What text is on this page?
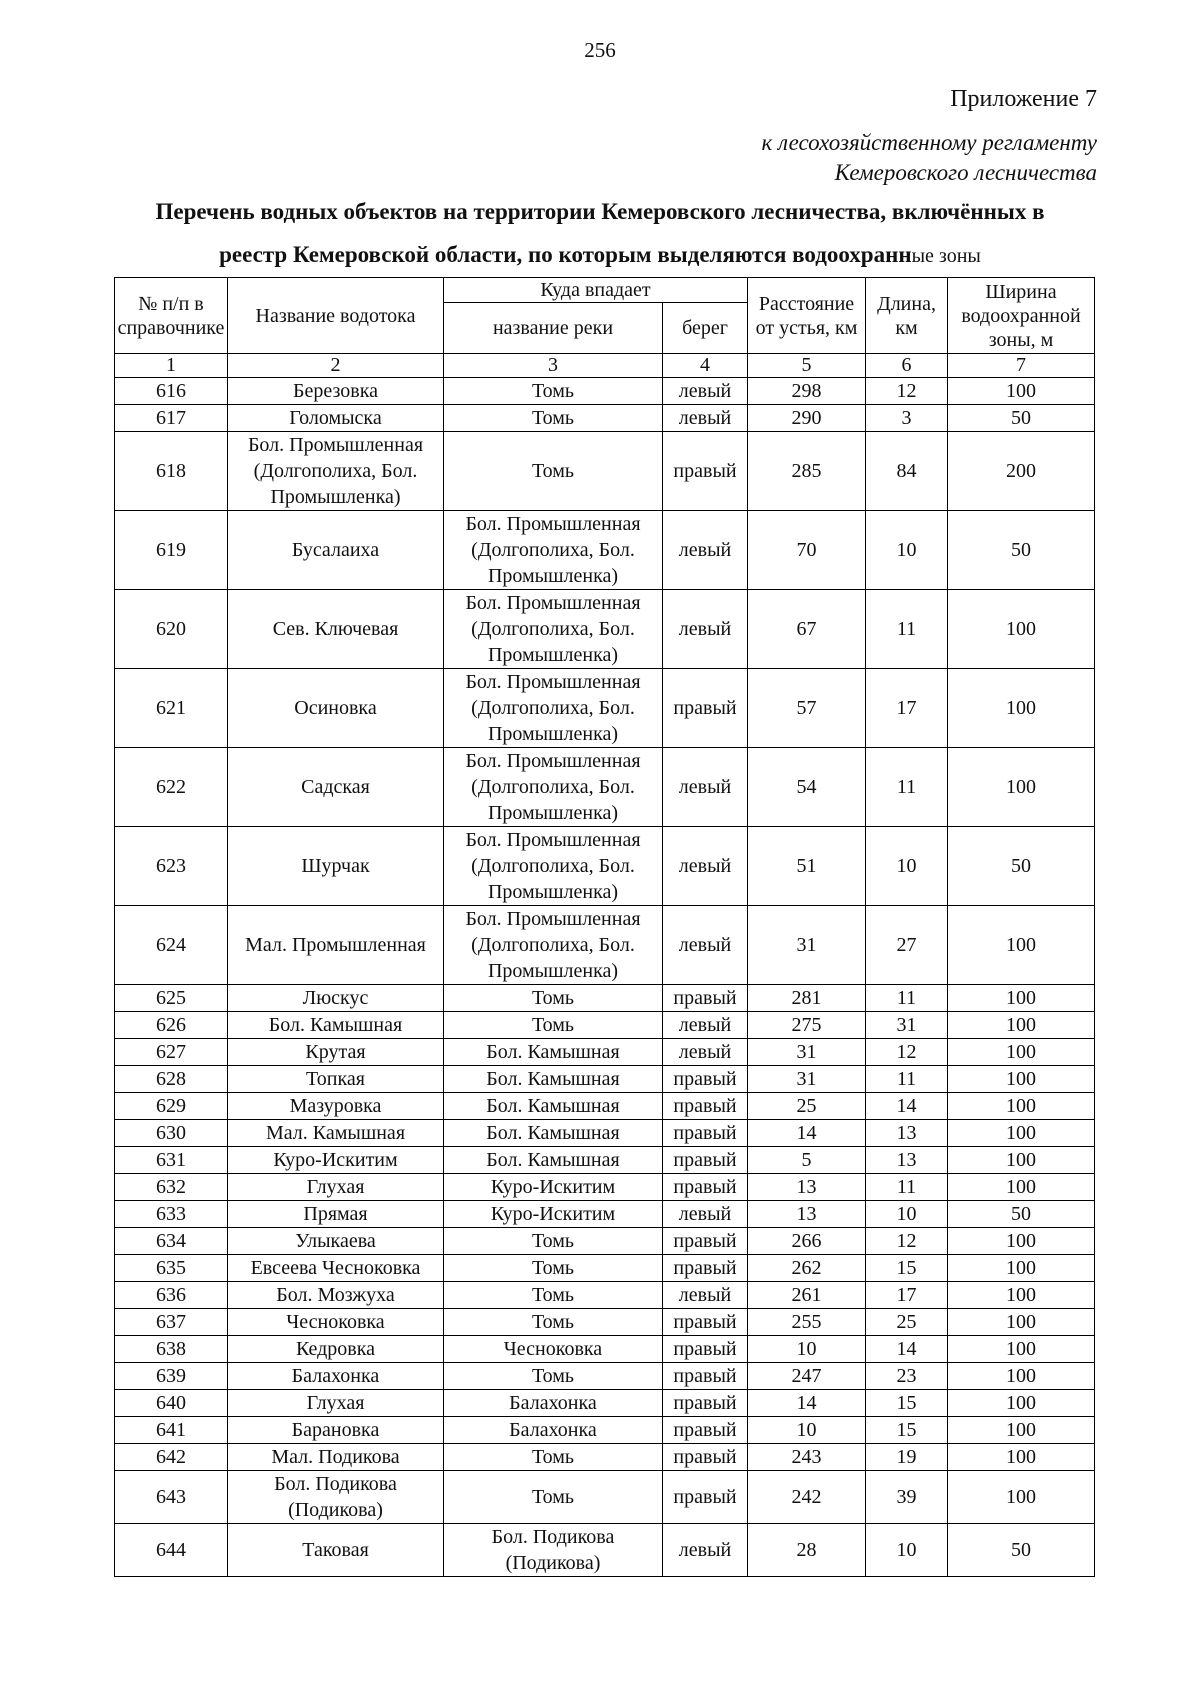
256
Приложение 7
к лесохозяйственному регламенту
Кемеровского лесничества
Перечень водных объектов на территории Кемеровского лесничества, включённых в
реестр Кемеровской области, по которым выделяются водоохранные зоны
№ п/п в справочнике	Название водотока	Куда впадает		Расстояние от устья, км	Длина, км	Ширина водоохранной зоны, м
		название реки	берег			
1	2	3	4	5	6	7
616	Березовка	Томь	левый	298	12	100
617	Голомыска	Томь	левый	290	3	50
618	Бол. Промышленная (Долгополиха, Бол. Промышленка)	Томь	правый	285	84	200
619	Бусалаиха	Бол. Промышленная (Долгополиха, Бол. Промышленка)	левый	70	10	50
620	Сев. Ключевая	Бол. Промышленная (Долгополиха, Бол. Промышленка)	левый	67	11	100
621	Осиновка	Бол. Промышленная (Долгополиха, Бол. Промышленка)	правый	57	17	100
622	Садская	Бол. Промышленная (Долгополиха, Бол. Промышленка)	левый	54	11	100
623	Шурчак	Бол. Промышленная (Долгополиха, Бол. Промышленка)	левый	51	10	50
624	Мал. Промышленная	Бол. Промышленная (Долгополиха, Бол. Промышленка)	левый	31	27	100
625	Люскус	Томь	правый	281	11	100
626	Бол. Камышная	Томь	левый	275	31	100
627	Крутая	Бол. Камышная	левый	31	12	100
628	Топкая	Бол. Камышная	правый	31	11	100
629	Мазуровка	Бол. Камышная	правый	25	14	100
630	Мал. Камышная	Бол. Камышная	правый	14	13	100
631	Куро-Искитим	Бол. Камышная	правый	5	13	100
632	Глухая	Куро-Искитим	правый	13	11	100
633	Прямая	Куро-Искитим	левый	13	10	50
634	Улыкаева	Томь	правый	266	12	100
635	Евсеева Чесноковка	Томь	правый	262	15	100
636	Бол. Мозжуха	Томь	левый	261	17	100
637	Чесноковка	Томь	правый	255	25	100
638	Кедровка	Чесноковка	правый	10	14	100
639	Балахонка	Томь	правый	247	23	100
640	Глухая	Балахонка	правый	14	15	100
641	Барановка	Балахонка	правый	10	15	100
642	Мал. Подикова	Томь	правый	243	19	100
643	Бол. Подикова (Подикова)	Томь	правый	242	39	100
644	Таковая	Бол. Подикова (Подикова)	левый	28	10	50
